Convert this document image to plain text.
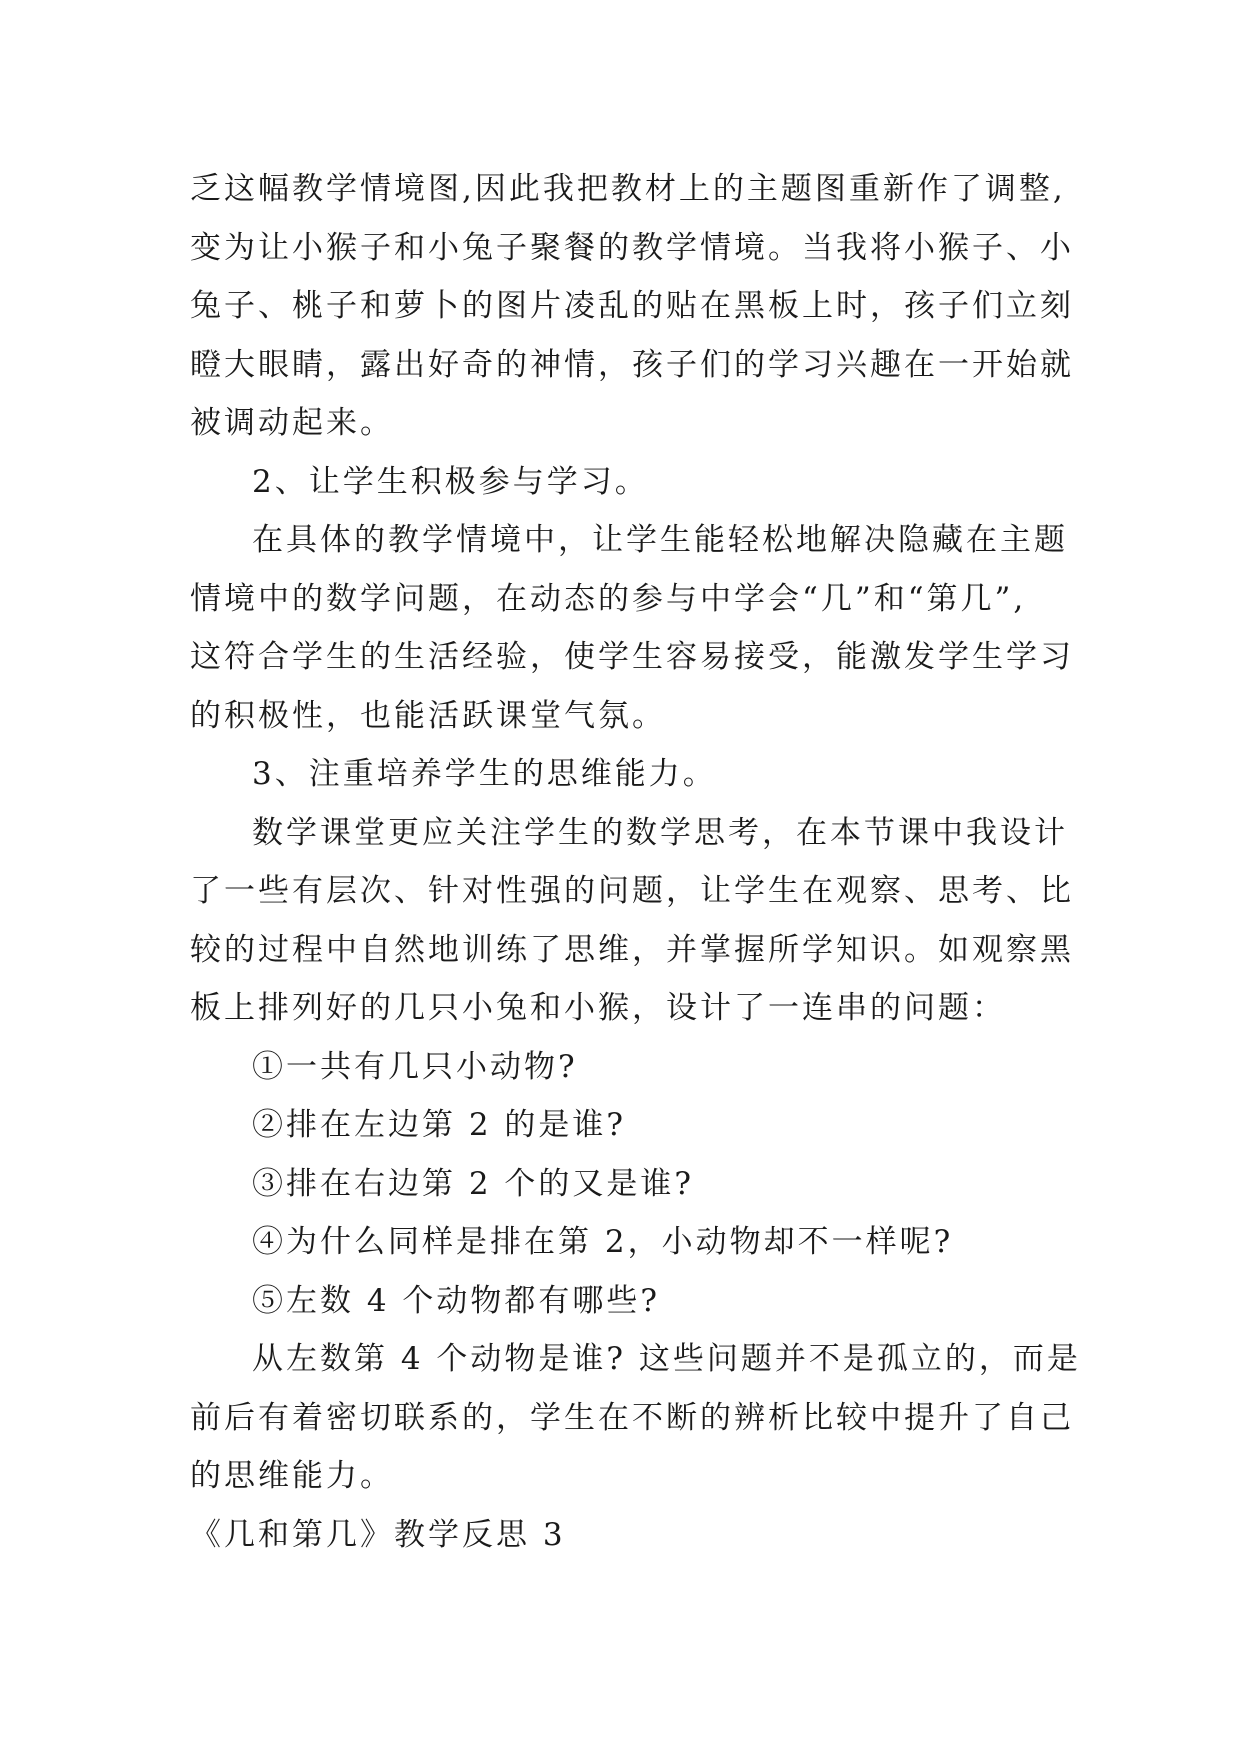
乏这幅教学情境图,因此我把教材上的主题图重新作了调整,
变为让小猴子和小兔子聚餐的教学情境。当我将小猴子、小
兔子、桃子和萝卜的图片凌乱的贴在黑板上时，孩子们立刻
瞪大眼睛，露出好奇的神情，孩子们的学习兴趣在一开始就
被调动起来。
2、让学生积极参与学习。
在具体的教学情境中，让学生能轻松地解决隐藏在主题
情境中的数学问题，在动态的参与中学会“几”和“第几”,
这符合学生的生活经验，使学生容易接受，能激发学生学习
的积极性，也能活跃课堂气氛。
3、注重培养学生的思维能力。
数学课堂更应关注学生的数学思考，在本节课中我设计
了一些有层次、针对性强的问题，让学生在观察、思考、比
较的过程中自然地训练了思维，并掌握所学知识。如观察黑
板上排列好的几只小兔和小猴，设计了一连串的问题：
①一共有几只小动物?
②排在左边第 2 的是谁?
③排在右边第 2 个的又是谁?
④为什么同样是排在第 2，小动物却不一样呢?
⑤左数 4 个动物都有哪些?
从左数第 4 个动物是谁? 这些问题并不是孤立的，而是
前后有着密切联系的，学生在不断的辨析比较中提升了自己
的思维能力。
《几和第几》教学反思 3
